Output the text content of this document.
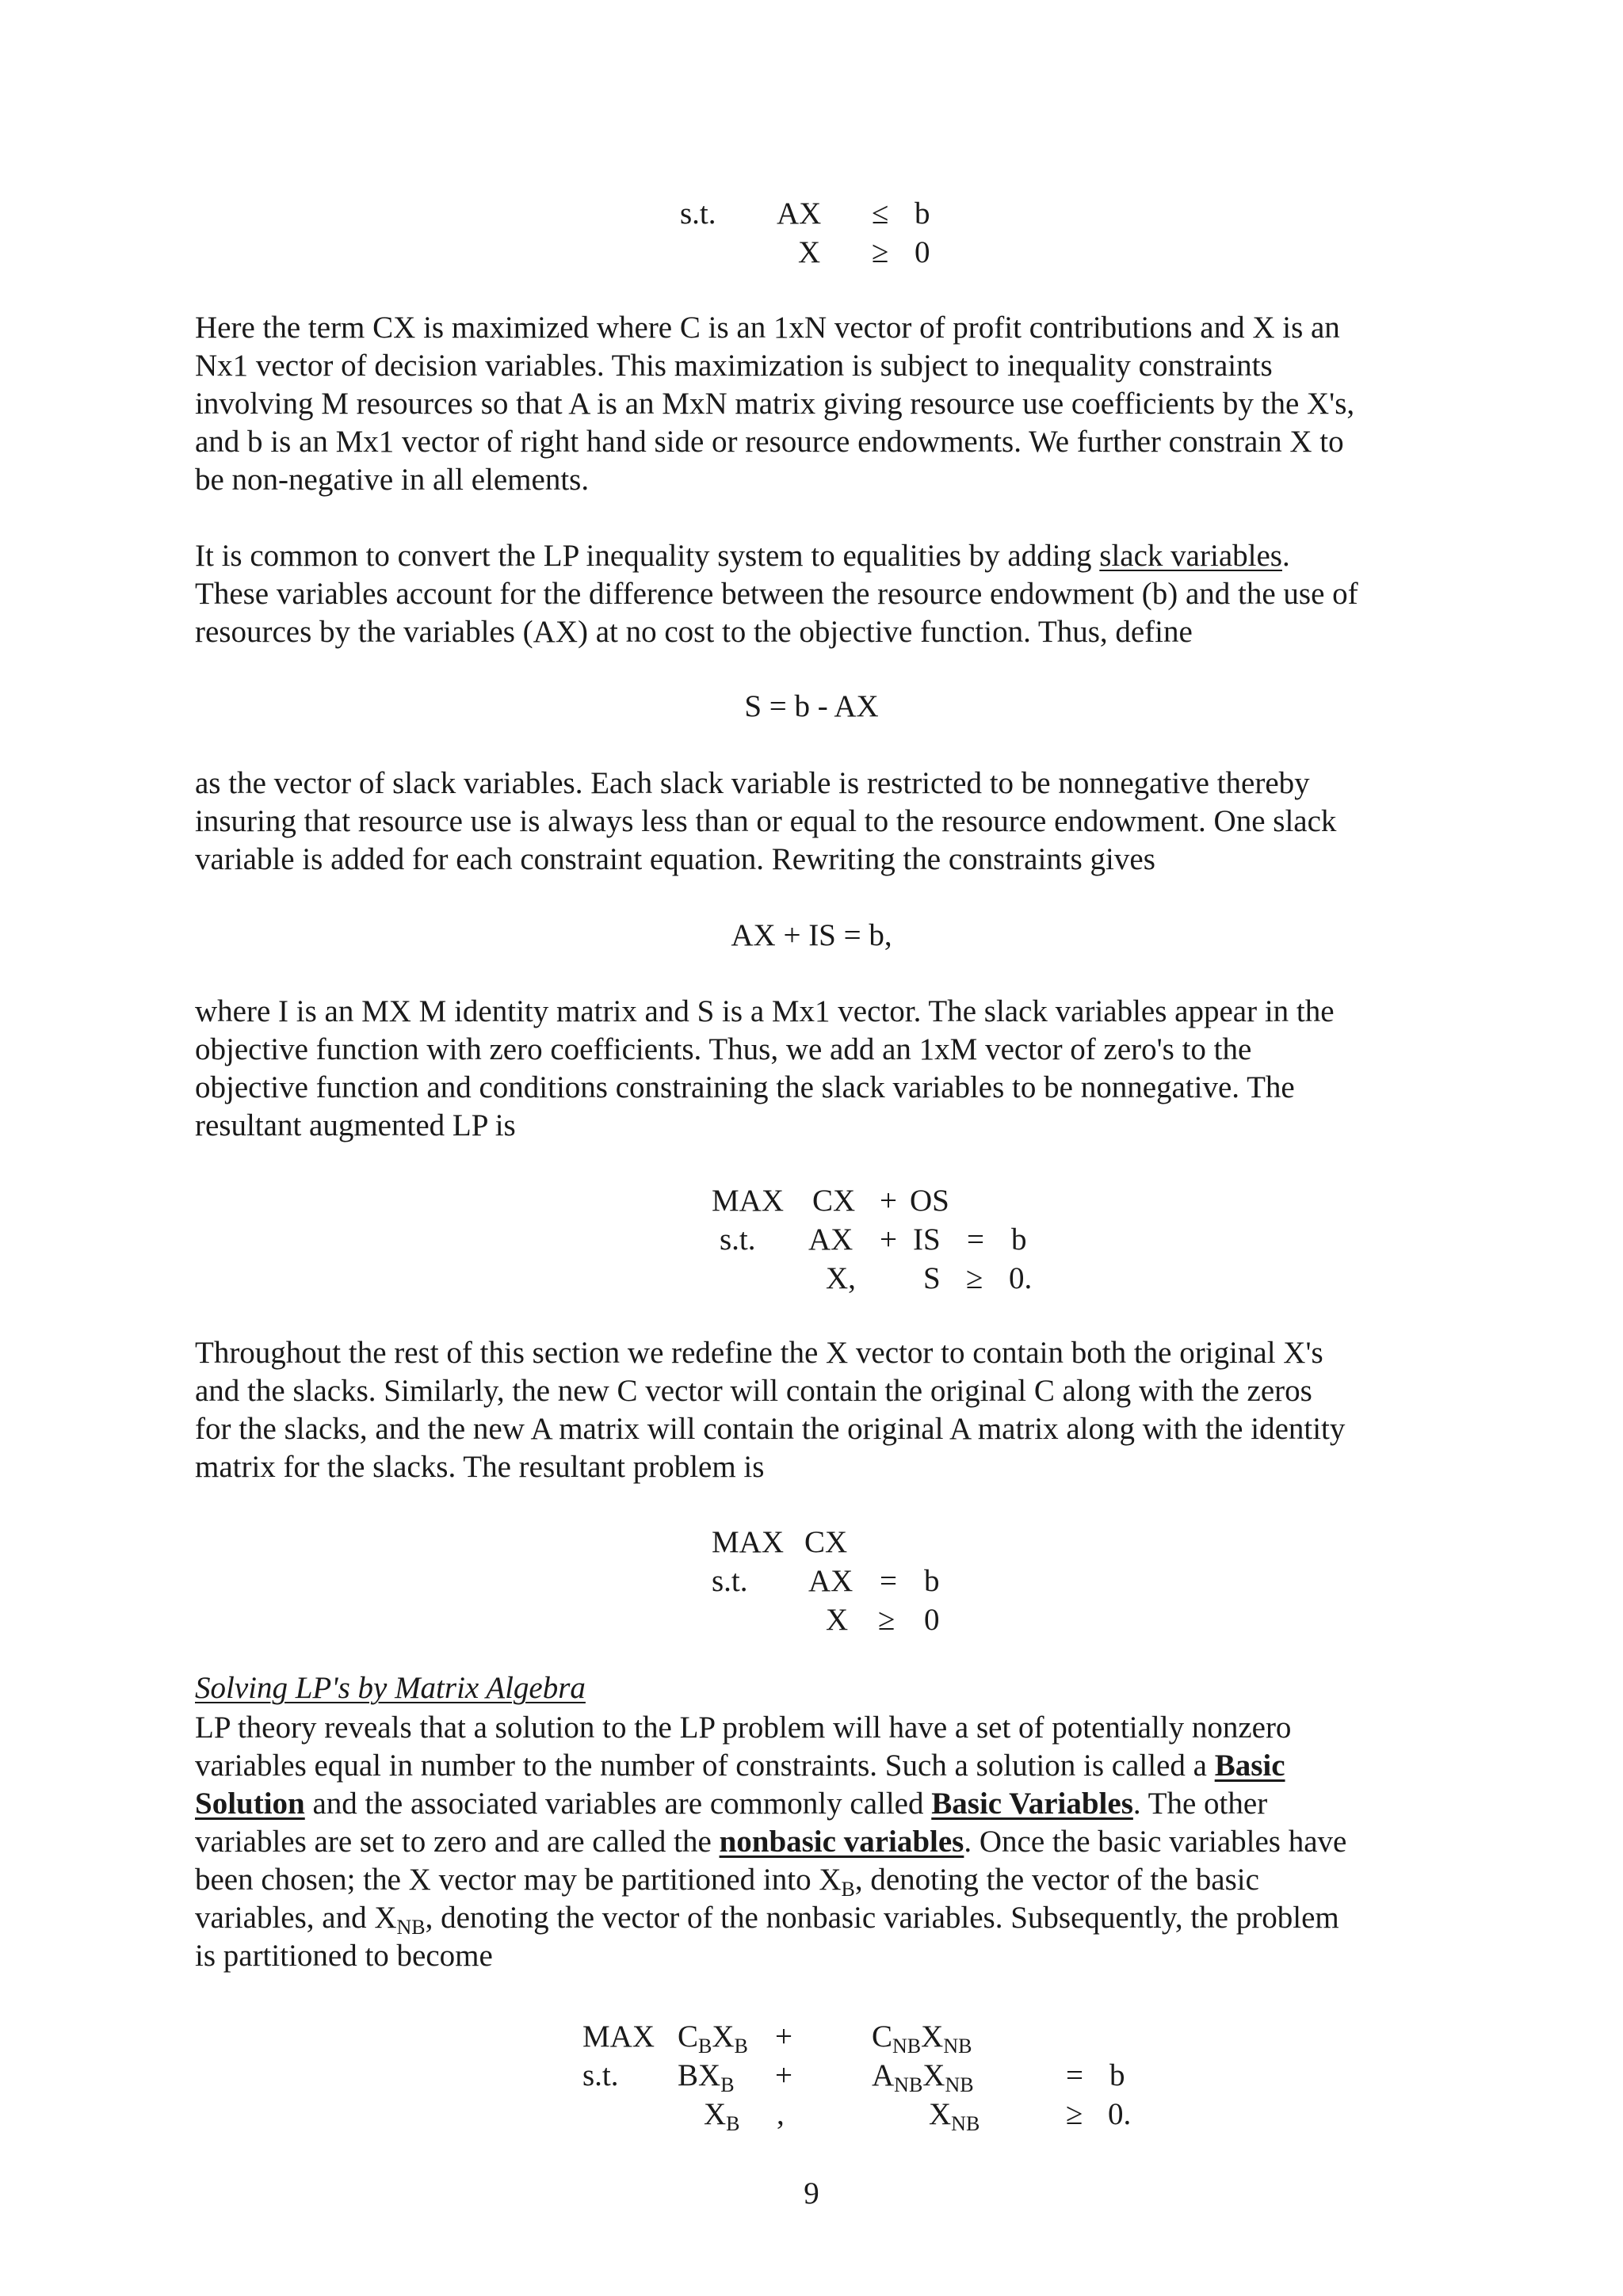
s.t. AX ≤ b
X ≥ 0

Here the term CX is maximized where C is an 1xN vector of profit contributions and X is an
Nx1 vector of decision variables. This maximization is subject to inequality constraints
involving M resources so that A is an MxN matrix giving resource use coefficients by the X's,
and b is an Mx1 vector of right hand side or resource endowments. We further constrain X to
be non-negative in all elements.

It is common to convert the LP inequality system to equalities by adding slack variables.
These variables account for the difference between the resource endowment (b) and the use of
resources by the variables (AX) at no cost to the objective function. Thus, define

S = b - AX

as the vector of slack variables. Each slack variable is restricted to be nonnegative thereby
insuring that resource use is always less than or equal to the resource endowment. One slack
variable is added for each constraint equation. Rewriting the constraints gives

AX + IS = b,

where I is an MX M identity matrix and S is a Mx1 vector. The slack variables appear in the
objective function with zero coefficients. Thus, we add an 1xM vector of zero's to the
objective function and conditions constraining the slack variables to be nonnegative. The
resultant augmented LP is

MAX CX + OS
s.t. AX + IS = b
X, S ≥ 0.

Throughout the rest of this section we redefine the X vector to contain both the original X's
and the slacks. Similarly, the new C vector will contain the original C along with the zeros
for the slacks, and the new A matrix will contain the original A matrix along with the identity
matrix for the slacks. The resultant problem is

MAX CX
s.t. AX = b
X ≥ 0
Solving LP's by Matrix Algebra

LP theory reveals that a solution to the LP problem will have a set of potentially nonzero
variables equal in number to the number of constraints. Such a solution is called a Basic
Solution and the associated variables are commonly called Basic Variables. The other
variables are set to zero and are called the nonbasic variables. Once the basic variables have
been chosen; the X vector may be partitioned into $X_B$, denoting the vector of the basic
variables, and $X_{NB}$, denoting the vector of the nonbasic variables. Subsequently, the problem
is partitioned to become

MAX $C_BX_B$ +	$C_{NB}X_{NB}$
s.t. $BX_B$ +	$A_{NB}X_{NB}$	= b
$X_B$ ,	$X_{NB}$	≥ 0.
9
